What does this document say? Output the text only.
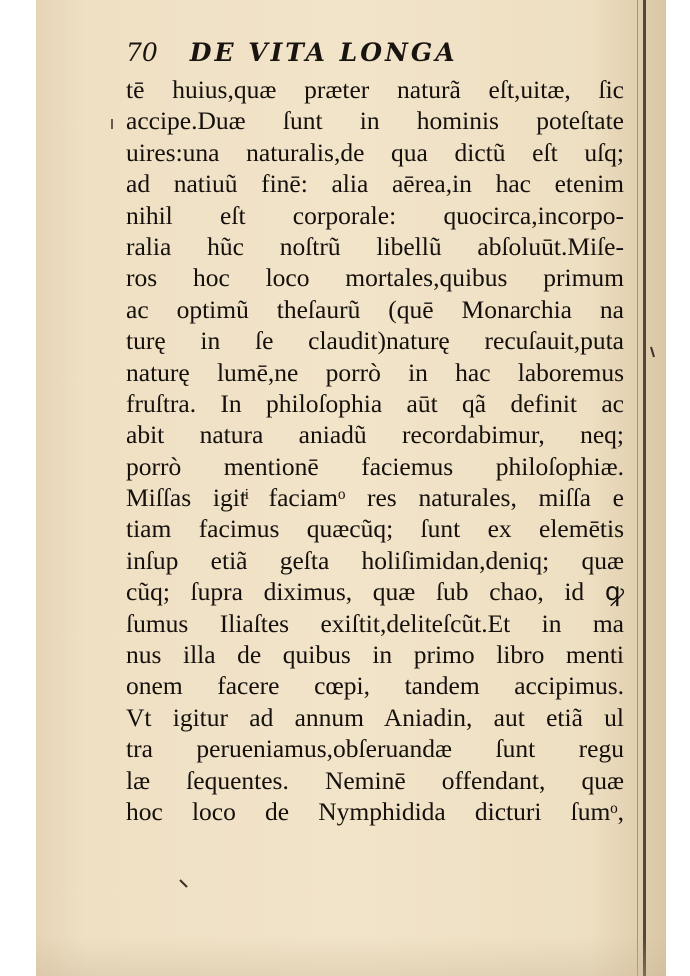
70 DE VITA LONGA
tē huius,quæ præter naturã eſt,uitæ, ſic
accipe.Duæ ſunt in hominis poteſtate
uires:una naturalis,de qua dictũ eſt uſq;
ad natiuũ finē: alia aērea,in hac etenim
nihil eſt corporale: quocirca,incorpo-
ralia hũc noſtrũ libellũ abſoluūt.Miſe-
ros hoc loco mortales,quibus primum
ac optimũ theſaurũ (quē Monarchia na
turę in ſe claudit)naturę recuſauit,puta
naturę lumē,ne porrò in hac laboremus
fruſtra. In philoſophia aūt qã definit ac
abit natura aniadũ recordabimur, neq;
porrò mentionē faciemus philoſophiæ.
Miſſas igitͥ faciamᵒ res naturales, miſſa e
tiam facimus quæcũq; ſunt ex elemētis
inſup etiã geſta holiſimidan,deniq; quæ
cũq; ſupra diximus, quæ ſub chao, id ꝙ
ſumus Iliaſtes exiſtit,deliteſcũt.Et in ma
nus illa de quibus in primo libro menti
onem facere cœpi, tandem accipimus.
Vt igitur ad annum Aniadin, aut etiã ul
tra perueniamus,obſeruandæ ſunt regu
læ ſequentes. Neminē offendant, quæ
hoc loco de Nymphidida dicturi ſumᵒ,
